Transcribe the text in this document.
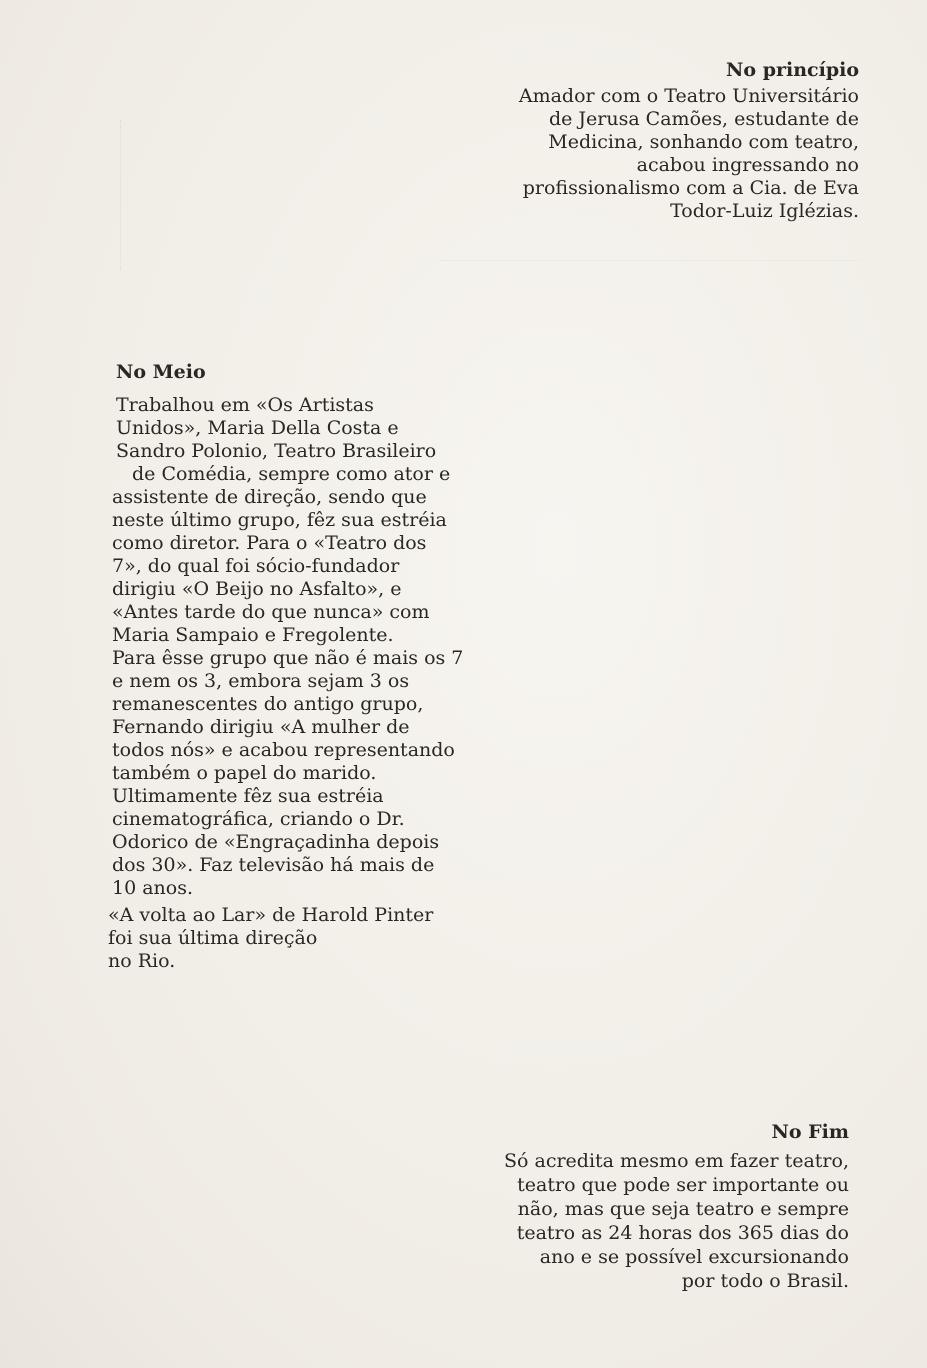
No princípio
Amador com o Teatro Universitário
de Jerusa Camões, estudante de
Medicina, sonhando com teatro,
acabou ingressando no
profissionalismo com a Cia. de Eva
Todor-Luiz Iglézias.
No Meio
Trabalhou em «Os Artistas
Unidos», Maria Della Costa e
Sandro Polonio, Teatro Brasileiro
de Comédia, sempre como ator e
assistente de direção, sendo que
neste último grupo, fêz sua estréia
como diretor. Para o «Teatro dos
7», do qual foi sócio-fundador
dirigiu «O Beijo no Asfalto», e
«Antes tarde do que nunca» com
Maria Sampaio e Fregolente.
Para êsse grupo que não é mais os 7
e nem os 3, embora sejam 3 os
remanescentes do antigo grupo,
Fernando dirigiu «A mulher de
todos nós» e acabou representando
também o papel do marido.
Ultimamente fêz sua estréia
cinematográfica, criando o Dr.
Odorico de «Engraçadinha depois
dos 30». Faz televisão há mais de
10 anos.
«A volta ao Lar» de Harold Pinter
foi sua última direção
no Rio.
No Fim
Só acredita mesmo em fazer teatro,
teatro que pode ser importante ou
não, mas que seja teatro e sempre
teatro as 24 horas dos 365 dias do
ano e se possível excursionando
por todo o Brasil.
